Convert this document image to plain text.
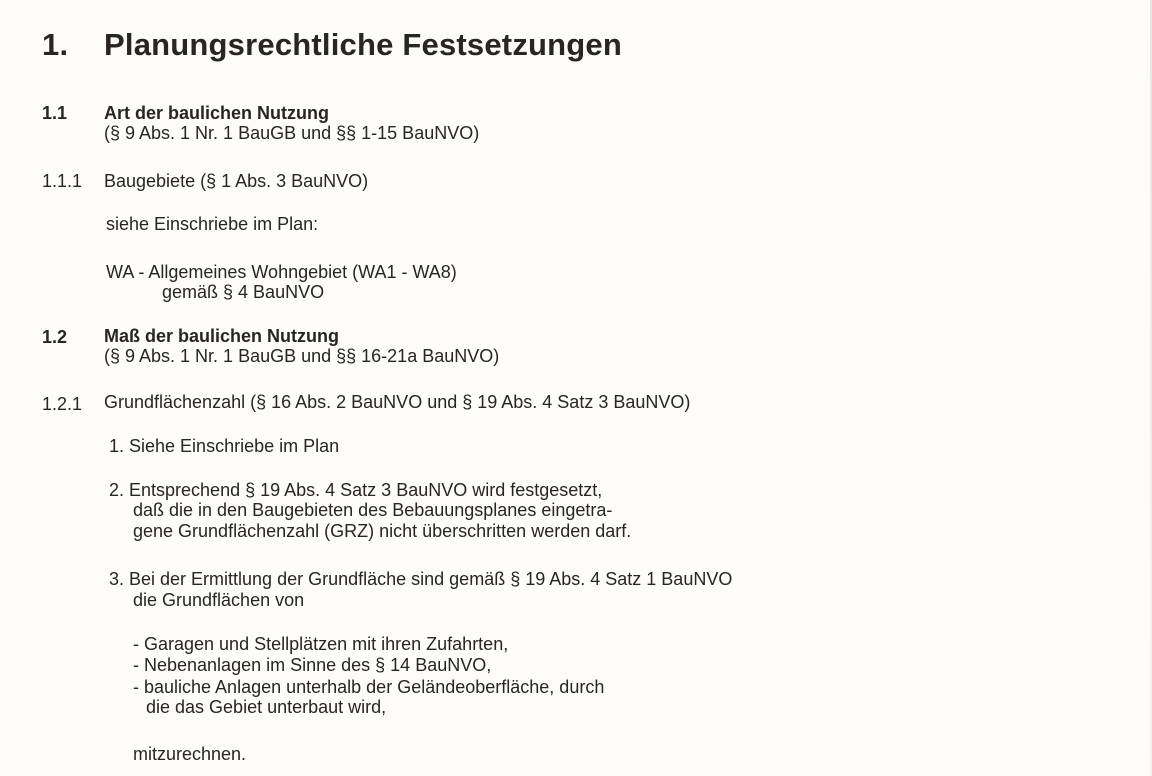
1. Planungsrechtliche Festsetzungen
1.1 Art der baulichen Nutzung
(§ 9 Abs. 1 Nr. 1 BauGB und §§ 1-15 BauNVO)
1.1.1 Baugebiete (§ 1 Abs. 3 BauNVO)
siehe Einschriebe im Plan:
WA - Allgemeines Wohngebiet (WA1 - WA8)
gemäß § 4 BauNVO
1.2 Maß der baulichen Nutzung
(§ 9 Abs. 1 Nr. 1 BauGB und §§ 16-21a BauNVO)
1.2.1 Grundflächenzahl (§ 16 Abs. 2 BauNVO und § 19 Abs. 4 Satz 3 BauNVO)
1. Siehe Einschriebe im Plan
2. Entsprechend § 19 Abs. 4 Satz 3 BauNVO wird festgesetzt,
daß die in den Baugebieten des Bebauungsplanes eingetra-
gene Grundflächenzahl (GRZ) nicht überschritten werden darf.
3. Bei der Ermittlung der Grundfläche sind gemäß § 19 Abs. 4 Satz 1 BauNVO
die Grundflächen von
- Garagen und Stellplätzen mit ihren Zufahrten,
- Nebenanlagen im Sinne des § 14 BauNVO,
- bauliche Anlagen unterhalb der Geländeoberfläche, durch
die das Gebiet unterbaut wird,
mitzurechnen.
